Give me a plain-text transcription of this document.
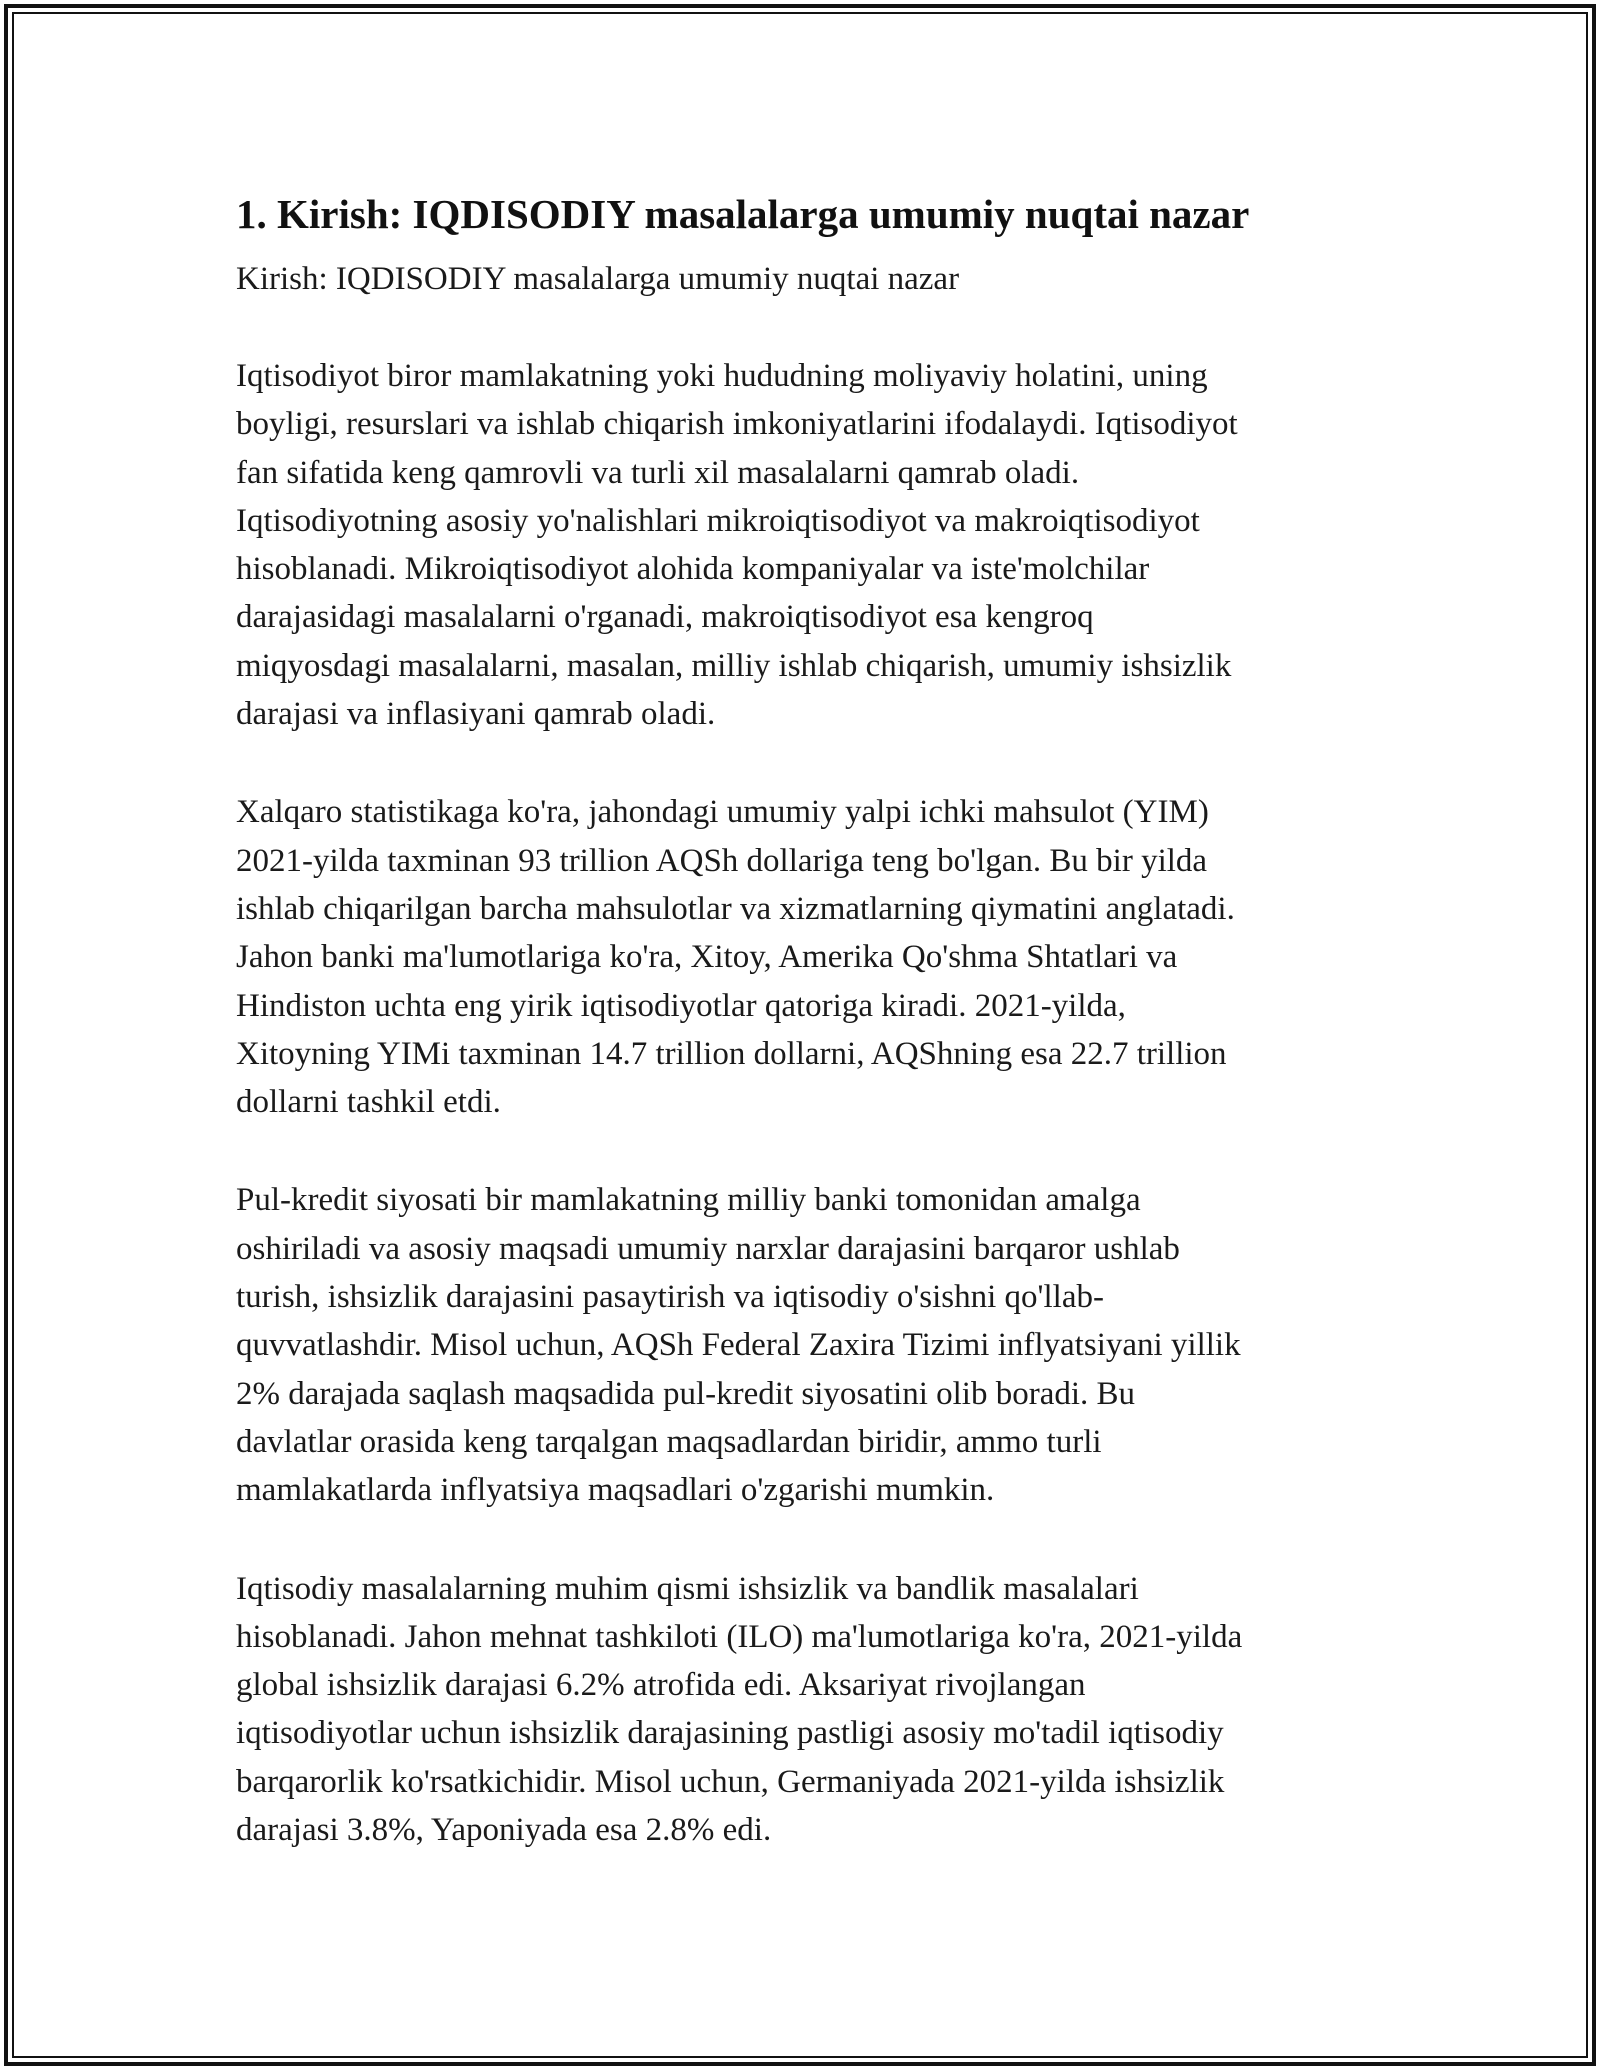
1. Kirish: IQDISODIY masalalarga umumiy nuqtai nazar

Kirish: IQDISODIY masalalarga umumiy nuqtai nazar

Iqtisodiyot biror mamlakatning yoki hududning moliyaviy holatini, uning
boyligi, resurslari va ishlab chiqarish imkoniyatlarini ifodalaydi. Iqtisodiyot
fan sifatida keng qamrovli va turli xil masalalarni qamrab oladi.
Iqtisodiyotning asosiy yo'nalishlari mikroiqtisodiyot va makroiqtisodiyot
hisoblanadi. Mikroiqtisodiyot alohida kompaniyalar va iste'molchilar
darajasidagi masalalarni o'rganadi, makroiqtisodiyot esa kengroq
miqyosdagi masalalarni, masalan, milliy ishlab chiqarish, umumiy ishsizlik
darajasi va inflasiyani qamrab oladi.

Xalqaro statistikaga ko'ra, jahondagi umumiy yalpi ichki mahsulot (YIM)
2021-yilda taxminan 93 trillion AQSh dollariga teng bo'lgan. Bu bir yilda
ishlab chiqarilgan barcha mahsulotlar va xizmatlarning qiymatini anglatadi.
Jahon banki ma'lumotlariga ko'ra, Xitoy, Amerika Qo'shma Shtatlari va
Hindiston uchta eng yirik iqtisodiyotlar qatoriga kiradi. 2021-yilda,
Xitoyning YIMi taxminan 14.7 trillion dollarni, AQShning esa 22.7 trillion
dollarni tashkil etdi.

Pul-kredit siyosati bir mamlakatning milliy banki tomonidan amalga
oshiriladi va asosiy maqsadi umumiy narxlar darajasini barqaror ushlab
turish, ishsizlik darajasini pasaytirish va iqtisodiy o'sishni qo'llab-
quvvatlashdir. Misol uchun, AQSh Federal Zaxira Tizimi inflyatsiyani yillik
2% darajada saqlash maqsadida pul-kredit siyosatini olib boradi. Bu
davlatlar orasida keng tarqalgan maqsadlardan biridir, ammo turli
mamlakatlarda inflyatsiya maqsadlari o'zgarishi mumkin.

Iqtisodiy masalalarning muhim qismi ishsizlik va bandlik masalalari
hisoblanadi. Jahon mehnat tashkiloti (ILO) ma'lumotlariga ko'ra, 2021-yilda
global ishsizlik darajasi 6.2% atrofida edi. Aksariyat rivojlangan
iqtisodiyotlar uchun ishsizlik darajasining pastligi asosiy mo'tadil iqtisodiy
barqarorlik ko'rsatkichidir. Misol uchun, Germaniyada 2021-yilda ishsizlik
darajasi 3.8%, Yaponiyada esa 2.8% edi.
